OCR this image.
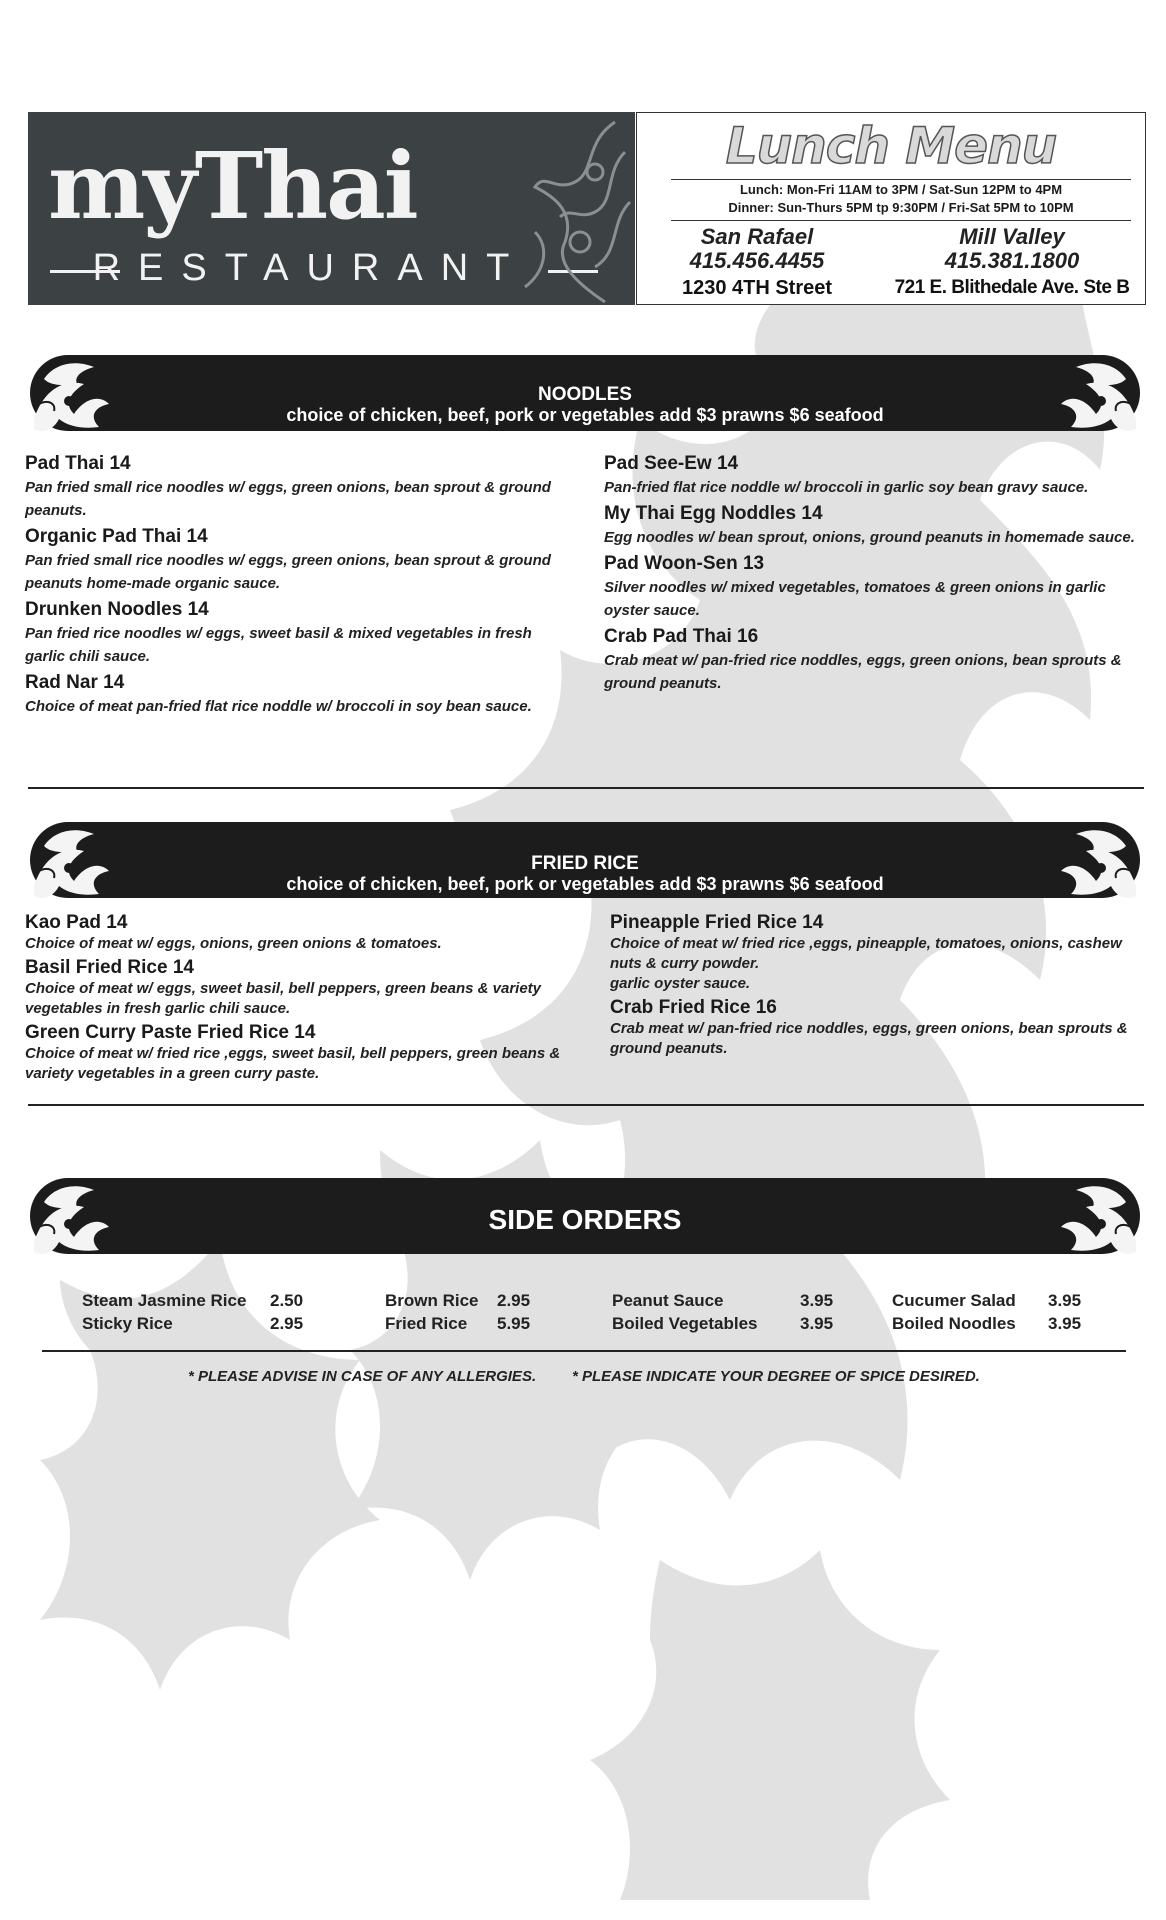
myThai
RESTAURANT
Lunch Menu
Lunch: Mon-Fri 11AM to 3PM / Sat-Sun 12PM to 4PM
Dinner: Sun-Thurs 5PM tp 9:30PM / Fri-Sat 5PM to 10PM
San Rafael
415.456.4455
1230 4TH Street
Mill Valley
415.381.1800
721 E. Blithedale Ave. Ste B
NOODLES
choice of chicken, beef, pork or vegetables add $3 prawns $6 seafood
Pad Thai 14
Pan fried small rice noodles w/ eggs, green onions, bean sprout & ground peanuts.
Organic Pad Thai 14
Pan fried small rice noodles w/ eggs, green onions, bean sprout & ground peanuts home-made organic sauce.
Drunken Noodles 14
Pan fried rice noodles w/ eggs, sweet basil & mixed vegetables in fresh garlic chili sauce.
Rad Nar 14
Choice of meat pan-fried flat rice noddle w/ broccoli in soy bean sauce.
Pad See-Ew 14
Pan-fried flat rice noddle w/ broccoli in garlic soy bean gravy sauce.
My Thai Egg Noddles 14
Egg noodles w/ bean sprout, onions, ground peanuts in homemade sauce.
Pad Woon-Sen 13
Silver noodles w/ mixed vegetables, tomatoes & green onions in garlic oyster sauce.
Crab Pad Thai 16
Crab meat w/ pan-fried rice noddles, eggs, green onions, bean sprouts & ground peanuts.
FRIED RICE
choice of chicken, beef, pork or vegetables add $3 prawns $6 seafood
Kao Pad 14
Choice of meat w/ eggs, onions, green onions & tomatoes.
Basil Fried Rice 14
Choice of meat w/ eggs, sweet basil, bell peppers, green beans & variety vegetables in fresh garlic chili sauce.
Green Curry Paste Fried Rice 14
Choice of meat w/ fried rice ,eggs, sweet basil, bell peppers, green beans & variety vegetables in a green curry paste.
Pineapple Fried Rice 14
Choice of meat w/ fried rice ,eggs, pineapple, tomatoes, onions, cashew nuts & curry powder.
garlic oyster sauce.
Crab Fried Rice 16
Crab meat w/ pan-fried rice noddles, eggs, green onions, bean sprouts & ground peanuts.
SIDE ORDERS
Steam Jasmine Rice 2.50
Sticky Rice	2.95
Brown Rice 2.95
Fried Rice 5.95
Peanut Sauce	3.95
Boiled Vegetables	3.95
Cucumer Salad 3.95
Boiled Noodles 3.95
* PLEASE ADVISE IN CASE OF ANY ALLERGIES. * PLEASE INDICATE YOUR DEGREE OF SPICE DESIRED.
